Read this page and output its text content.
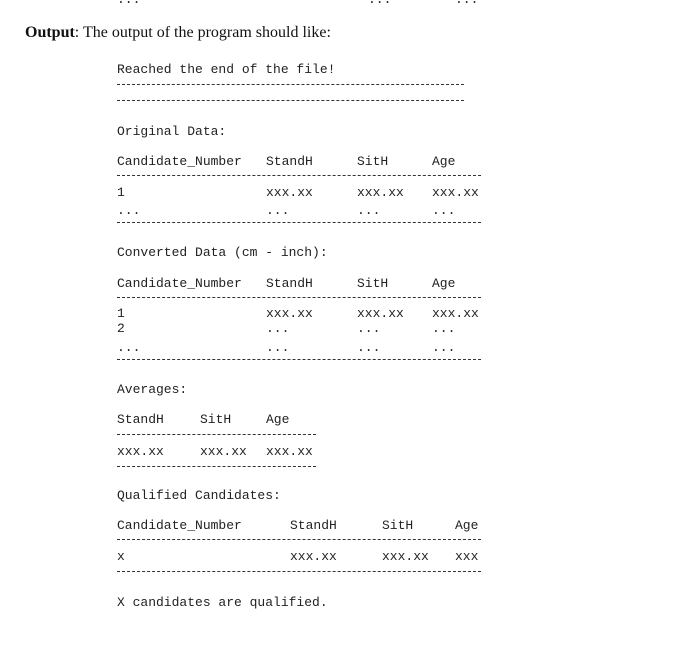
Output: The output of the program should like:
Reached the end of the file!
Original Data:
Candidate_Number StandH	SitH	Age
1	xxx.xx	xxx.xx xxx.xx
...	...	...	...
Converted Data (cm - inch):
Candidate_Number StandH	SitH	Age
1	xxx.xx	xxx.xx xxx.xx
2	...	...	...
...	...	...	...
Averages:
StandH	SitH	Age
xxx.xx	xxx.xx xxx.xx
Qualified Candidates:
Candidate_Number	StandH	SitH	Age
x	xxx.xx	xxx.xx xxx
X candidates are qualified.
